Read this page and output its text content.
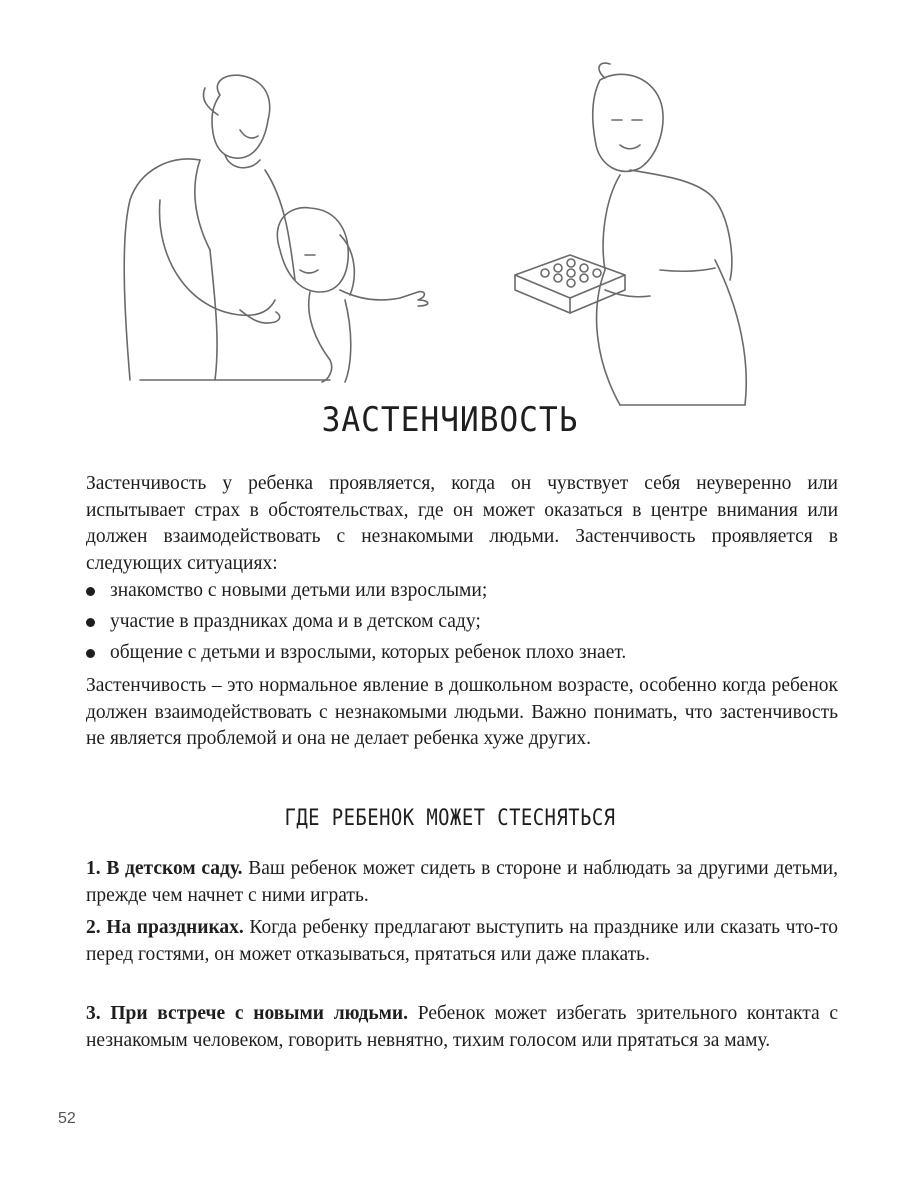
ЗАСТЕНЧИВОСТЬ

Застенчивость у ребенка проявляется, когда он чувствует себя неуверенно или испытывает страх в обстоятельствах, где он может оказаться в центре внимания или должен взаимодействовать с незнакомыми людьми. Застенчивость проявляется в следующих ситуациях:

знакомство с новыми детьми или взрослыми;
участие в праздниках дома и в детском саду;
общение с детьми и взрослыми, которых ребенок плохо знает.

Застенчивость – это нормальное явление в дошкольном возрасте, особенно когда ребенок должен взаимодействовать с незнакомыми людьми. Важно понимать, что застенчивость не является проблемой и она не делает ребенка хуже других.

ГДЕ РЕБЕНОК МОЖЕТ СТЕСНЯТЬСЯ
1. В детском саду. Ваш ребенок может сидеть в стороне и наблюдать за другими детьми, прежде чем начнет с ними играть.
2. На праздниках. Когда ребенку предлагают выступить на празднике или сказать что-то перед гостями, он может отказываться, прятаться или даже плакать.
3. При встрече с новыми людьми. Ребенок может избегать зрительного контакта с незнакомым человеком, говорить невнятно, тихим голосом или прятаться за маму.
52
